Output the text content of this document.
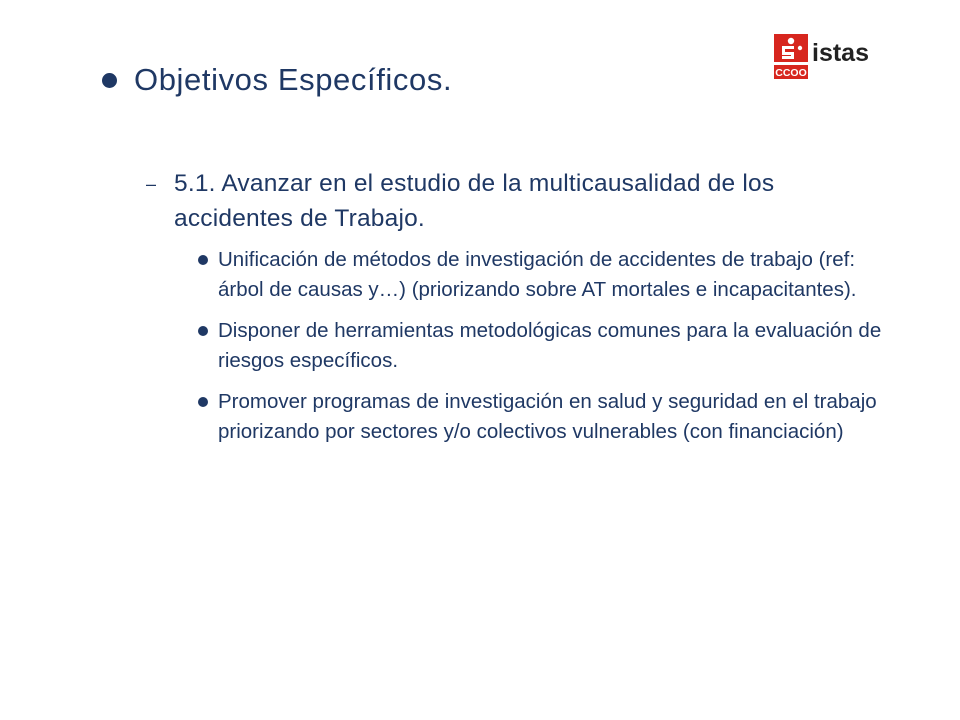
CCOO
istas
Objetivos Específicos.
– 5.1. Avanzar en el estudio de la multicausalidad de los accidentes de Trabajo.
Unificación de métodos de investigación de accidentes de trabajo (ref: árbol de causas y…) (priorizando sobre AT mortales e incapacitantes).
Disponer de herramientas metodológicas comunes para la evaluación de riesgos específicos.
Promover programas de investigación en salud y seguridad en el trabajo priorizando por sectores y/o colectivos vulnerables (con financiación)
